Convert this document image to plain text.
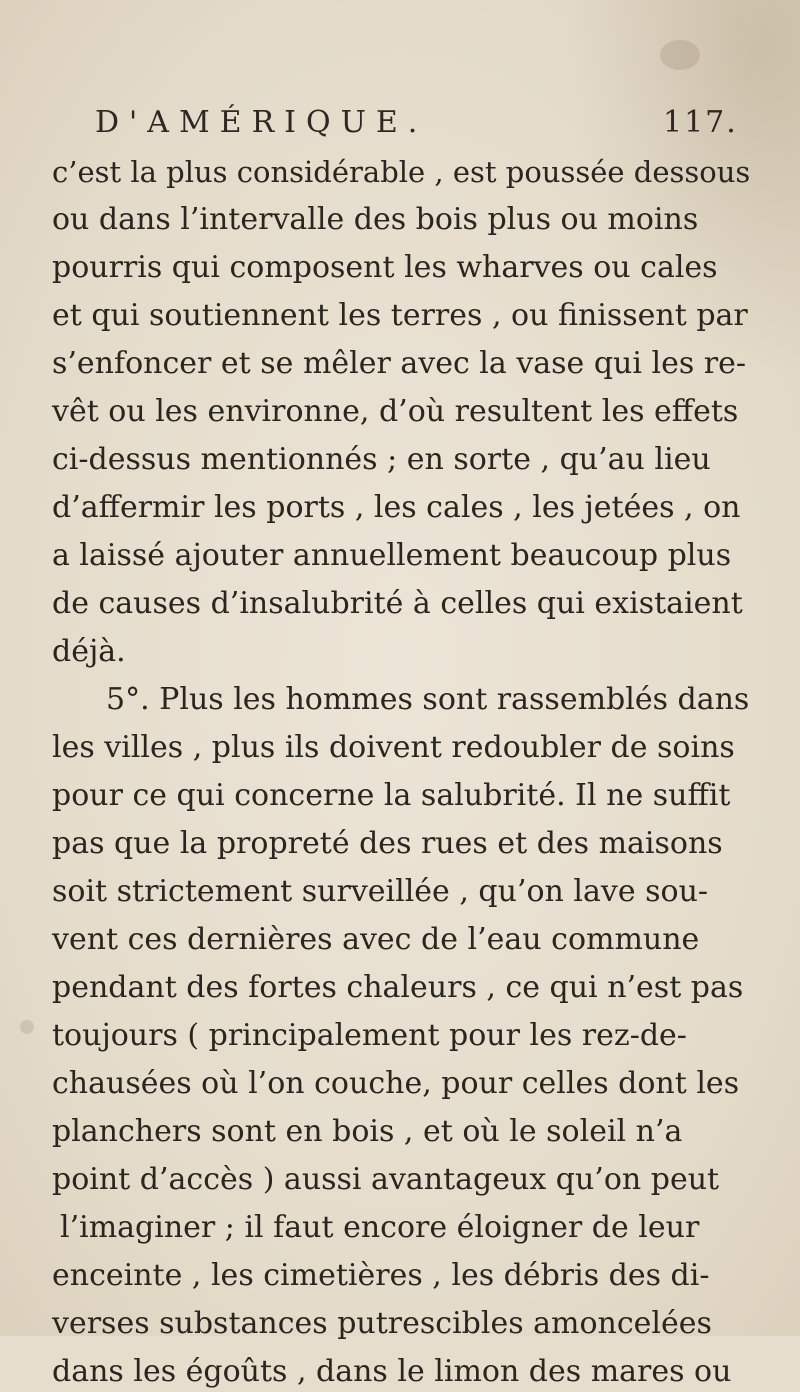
D'AMÉRIQUE.	117.
c’est la plus considérable , est poussée dessous
ou dans l’intervalle des bois plus ou moins
pourris qui composent les wharves ou cales
et qui soutiennent les terres , ou finissent par
s’enfoncer et se mêler avec la vase qui les re-
vêt ou les environne, d’où resultent les effets
ci-dessus mentionnés ; en sorte , qu’au lieu
d’affermir les ports , les cales , les jetées , on
a laissé ajouter annuellement beaucoup plus
de causes d’insalubrité à celles qui existaient
déjà.
5°. Plus les hommes sont rassemblés dans
les villes , plus ils doivent redoubler de soins
pour ce qui concerne la salubrité. Il ne suffit
pas que la propreté des rues et des maisons
soit strictement surveillée , qu’on lave sou-
vent ces dernières avec de l’eau commune
pendant des fortes chaleurs , ce qui n’est pas
toujours ( principalement pour les rez-de-
chausées où l’on couche, pour celles dont les
planchers sont en bois , et où le soleil n’a
point d’accès ) aussi avantageux qu’on peut
l’imaginer ; il faut encore éloigner de leur
enceinte , les cimetières , les débris des di-
verses substances putrescibles amoncelées
dans les égoûts , dans le limon des mares ou
